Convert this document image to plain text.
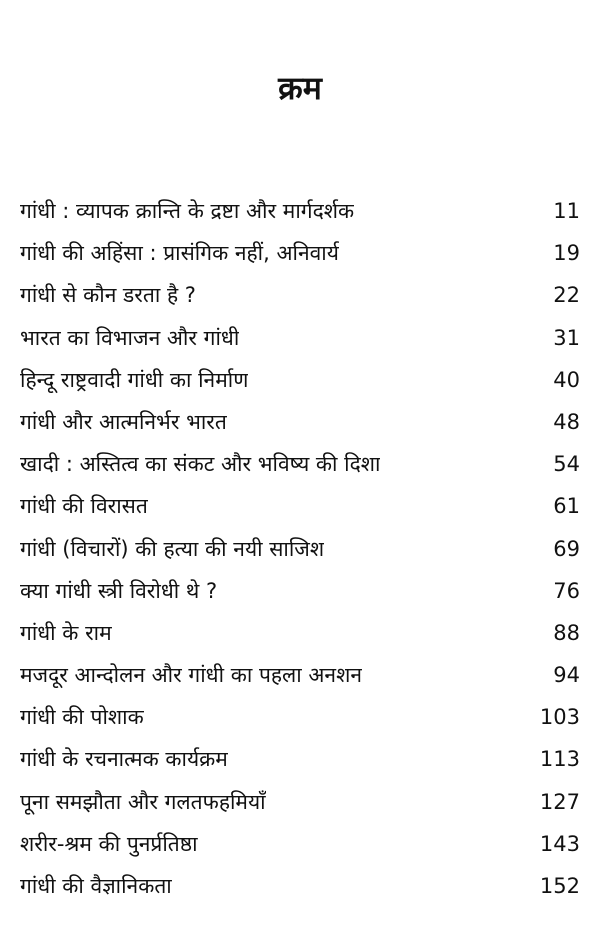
क्रम
गांधी : व्यापक क्रान्ति के द्रष्टा और मार्गदर्शक	11
गांधी की अहिंसा : प्रासंगिक नहीं, अनिवार्य	19
गांधी से कौन डरता है ?	22
भारत का विभाजन और गांधी	31
हिन्दू राष्ट्रवादी गांधी का निर्माण	40
गांधी और आत्मनिर्भर भारत	48
खादी : अस्तित्व का संकट और भविष्य की दिशा	54
गांधी की विरासत	61
गांधी (विचारों) की हत्या की नयी साजिश	69
क्या गांधी स्त्री विरोधी थे ?	76
गांधी के राम	88
मजदूर आन्दोलन और गांधी का पहला अनशन	94
गांधी की पोशाक	103
गांधी के रचनात्मक कार्यक्रम	113
पूना समझौता और गलतफहमियाँ	127
शरीर-श्रम की पुनर्प्रतिष्ठा	143
गांधी की वैज्ञानिकता	152
